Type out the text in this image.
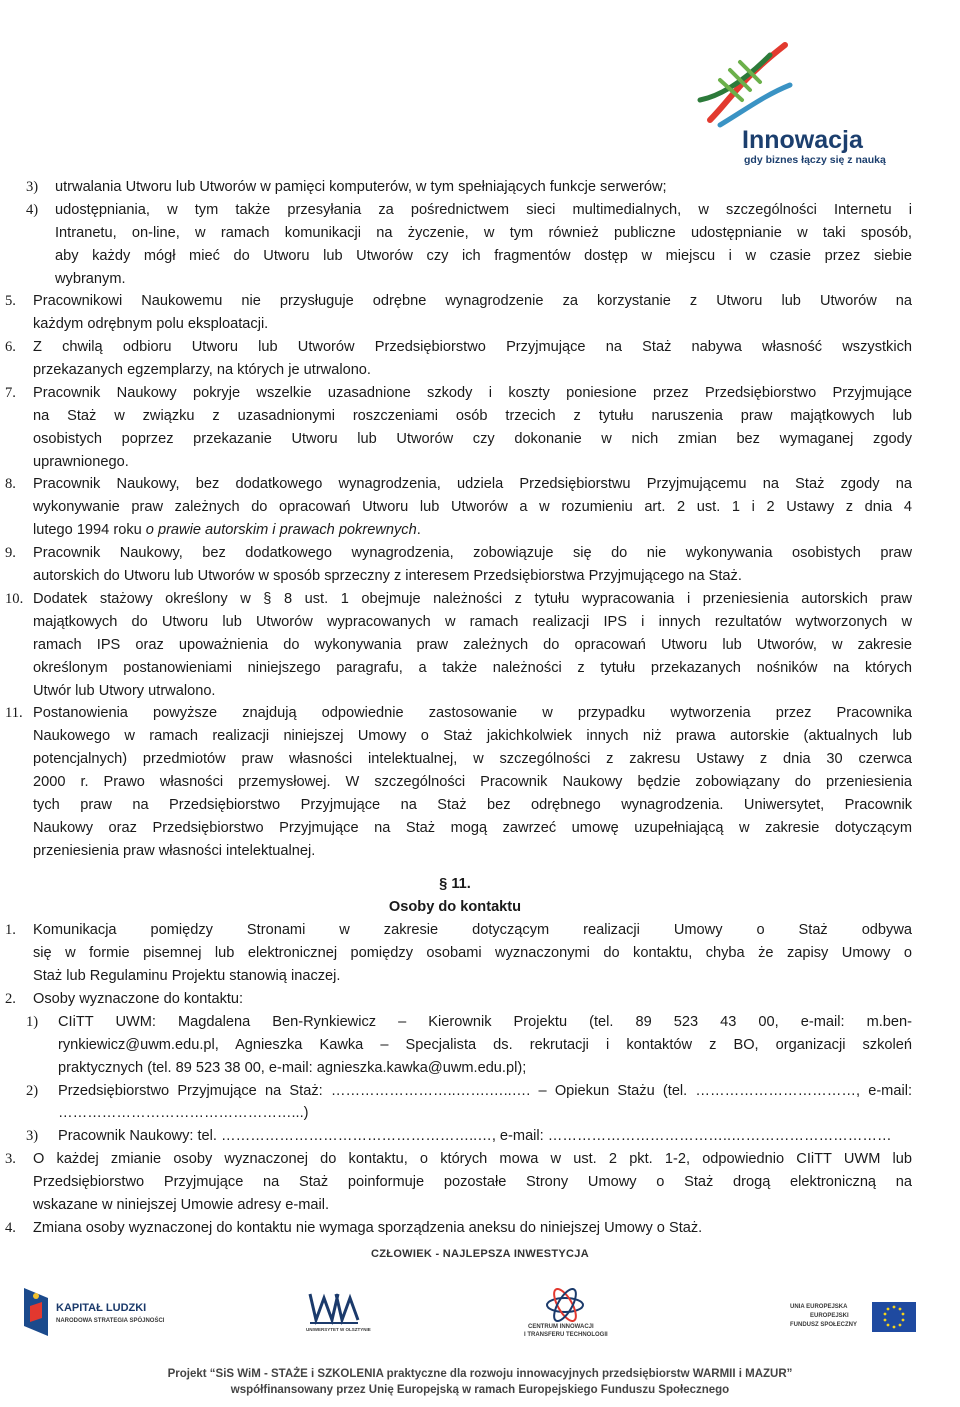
Innowacja
gdy biznes łączy się z nauką
3) utrwalania Utworu lub Utworów w pamięci komputerów, w tym spełniających funkcje serwerów;
4) udostępniania, w tym także przesyłania za pośrednictwem sieci multimedialnych, w szczególności Internetu i
Intranetu, on-line, w ramach komunikacji na życzenie, w tym również publiczne udostępnianie w taki sposób,
aby każdy mógł mieć do Utworu lub Utworów czy ich fragmentów dostęp w miejscu i w czasie przez siebie
wybranym.
5. Pracownikowi Naukowemu nie przysługuje odrębne wynagrodzenie za korzystanie z Utworu lub Utworów na
każdym odrębnym polu eksploatacji.
6. Z chwilą odbioru Utworu lub Utworów Przedsiębiorstwo Przyjmujące na Staż nabywa własność wszystkich
przekazanych egzemplarzy, na których je utrwalono.
7. Pracownik Naukowy pokryje wszelkie uzasadnione szkody i koszty poniesione przez Przedsiębiorstwo Przyjmujące
na Staż w związku z uzasadnionymi roszczeniami osób trzecich z tytułu naruszenia praw majątkowych lub
osobistych poprzez przekazanie Utworu lub Utworów czy dokonanie w nich zmian bez wymaganej zgody
uprawnionego.
8. Pracownik Naukowy, bez dodatkowego wynagrodzenia, udziela Przedsiębiorstwu Przyjmującemu na Staż zgody na
wykonywanie praw zależnych do opracowań Utworu lub Utworów a w rozumieniu art. 2 ust. 1 i 2 Ustawy z dnia 4
lutego 1994 roku o prawie autorskim i prawach pokrewnych.
9. Pracownik Naukowy, bez dodatkowego wynagrodzenia, zobowiązuje się do nie wykonywania osobistych praw
autorskich do Utworu lub Utworów w sposób sprzeczny z interesem Przedsiębiorstwa Przyjmującego na Staż.
10. Dodatek stażowy określony w § 8 ust. 1 obejmuje należności z tytułu wypracowania i przeniesienia autorskich praw
majątkowych do Utworu lub Utworów wypracowanych w ramach realizacji IPS i innych rezultatów wytworzonych w
ramach IPS oraz upoważnienia do wykonywania praw zależnych do opracowań Utworu lub Utworów, w zakresie
określonym postanowieniami niniejszego paragrafu, a także należności z tytułu przekazanych nośników na których
Utwór lub Utwory utrwalono.
11. Postanowienia powyższe znajdują odpowiednie zastosowanie w przypadku wytworzenia przez Pracownika
Naukowego w ramach realizacji niniejszej Umowy o Staż jakichkolwiek innych niż prawa autorskie (aktualnych lub
potencjalnych) przedmiotów praw własności intelektualnej, w szczególności z zakresu Ustawy z dnia 30 czerwca
2000 r. Prawo własności przemysłowej. W szczególności Pracownik Naukowy będzie zobowiązany do przeniesienia
tych praw na Przedsiębiorstwo Przyjmujące na Staż bez odrębnego wynagrodzenia. Uniwersytet, Pracownik
Naukowy oraz Przedsiębiorstwo Przyjmujące na Staż mogą zawrzeć umowę uzupełniającą w zakresie dotyczącym
przeniesienia praw własności intelektualnej.
1. Komunikacja pomiędzy Stronami w zakresie dotyczącym realizacji Umowy o Staż odbywa
się w formie pisemnej lub elektronicznej pomiędzy osobami wyznaczonymi do kontaktu, chyba że zapisy Umowy o
Staż lub Regulaminu Projektu stanowią inaczej.
2. Osoby wyznaczone do kontaktu:
1) CIiTT UWM: Magdalena Ben-Rynkiewicz – Kierownik Projektu (tel. 89 523 43 00, e-mail: m.ben-
rynkiewicz@uwm.edu.pl, Agnieszka Kawka – Specjalista ds. rekrutacji i kontaktów z BO, organizacji szkoleń
praktycznych (tel. 89 523 38 00, e-mail: agnieszka.kawka@uwm.edu.pl);
2) Przedsiębiorstwo Przyjmujące na Staż: ……………………..…….…..…. – Opiekun Stażu (tel. ……………………………, e-mail:
…………………………………………...)
3) Pracownik Naukowy: tel. ……………………………………………..…, e-mail: ………………………………..……………………………
3. O każdej zmianie osoby wyznaczonej do kontaktu, o których mowa w ust. 2 pkt. 1-2, odpowiednio CIiTT UWM lub
Przedsiębiorstwo Przyjmujące na Staż poinformuje pozostałe Strony Umowy o Staż drogą elektroniczną na
wskazane w niniejszej Umowie adresy e-mail.
4. Zmiana osoby wyznaczonej do kontaktu nie wymaga sporządzenia aneksu do niniejszej Umowy o Staż.
§ 11.
Osoby do kontaktu
CZŁOWIEK - NAJLEPSZA INWESTYCJA
KAPITAŁ LUDZKI
NARODOWA STRATEGIA SPÓJNOŚCI
UNIWERSYTET W OLSZTYNIE	CENTRUM INNOWACJI
I TRANSFERU TECHNOLOGII
UNIA EUROPEJSKA
EUROPEJSKI
FUNDUSZ SPOŁECZNY
Projekt “SiS WiM - STAŻE i SZKOLENIA praktyczne dla rozwoju innowacyjnych przedsiębiorstw WARMII i MAZUR”
współfinansowany przez Unię Europejską w ramach Europejskiego Funduszu Społecznego
